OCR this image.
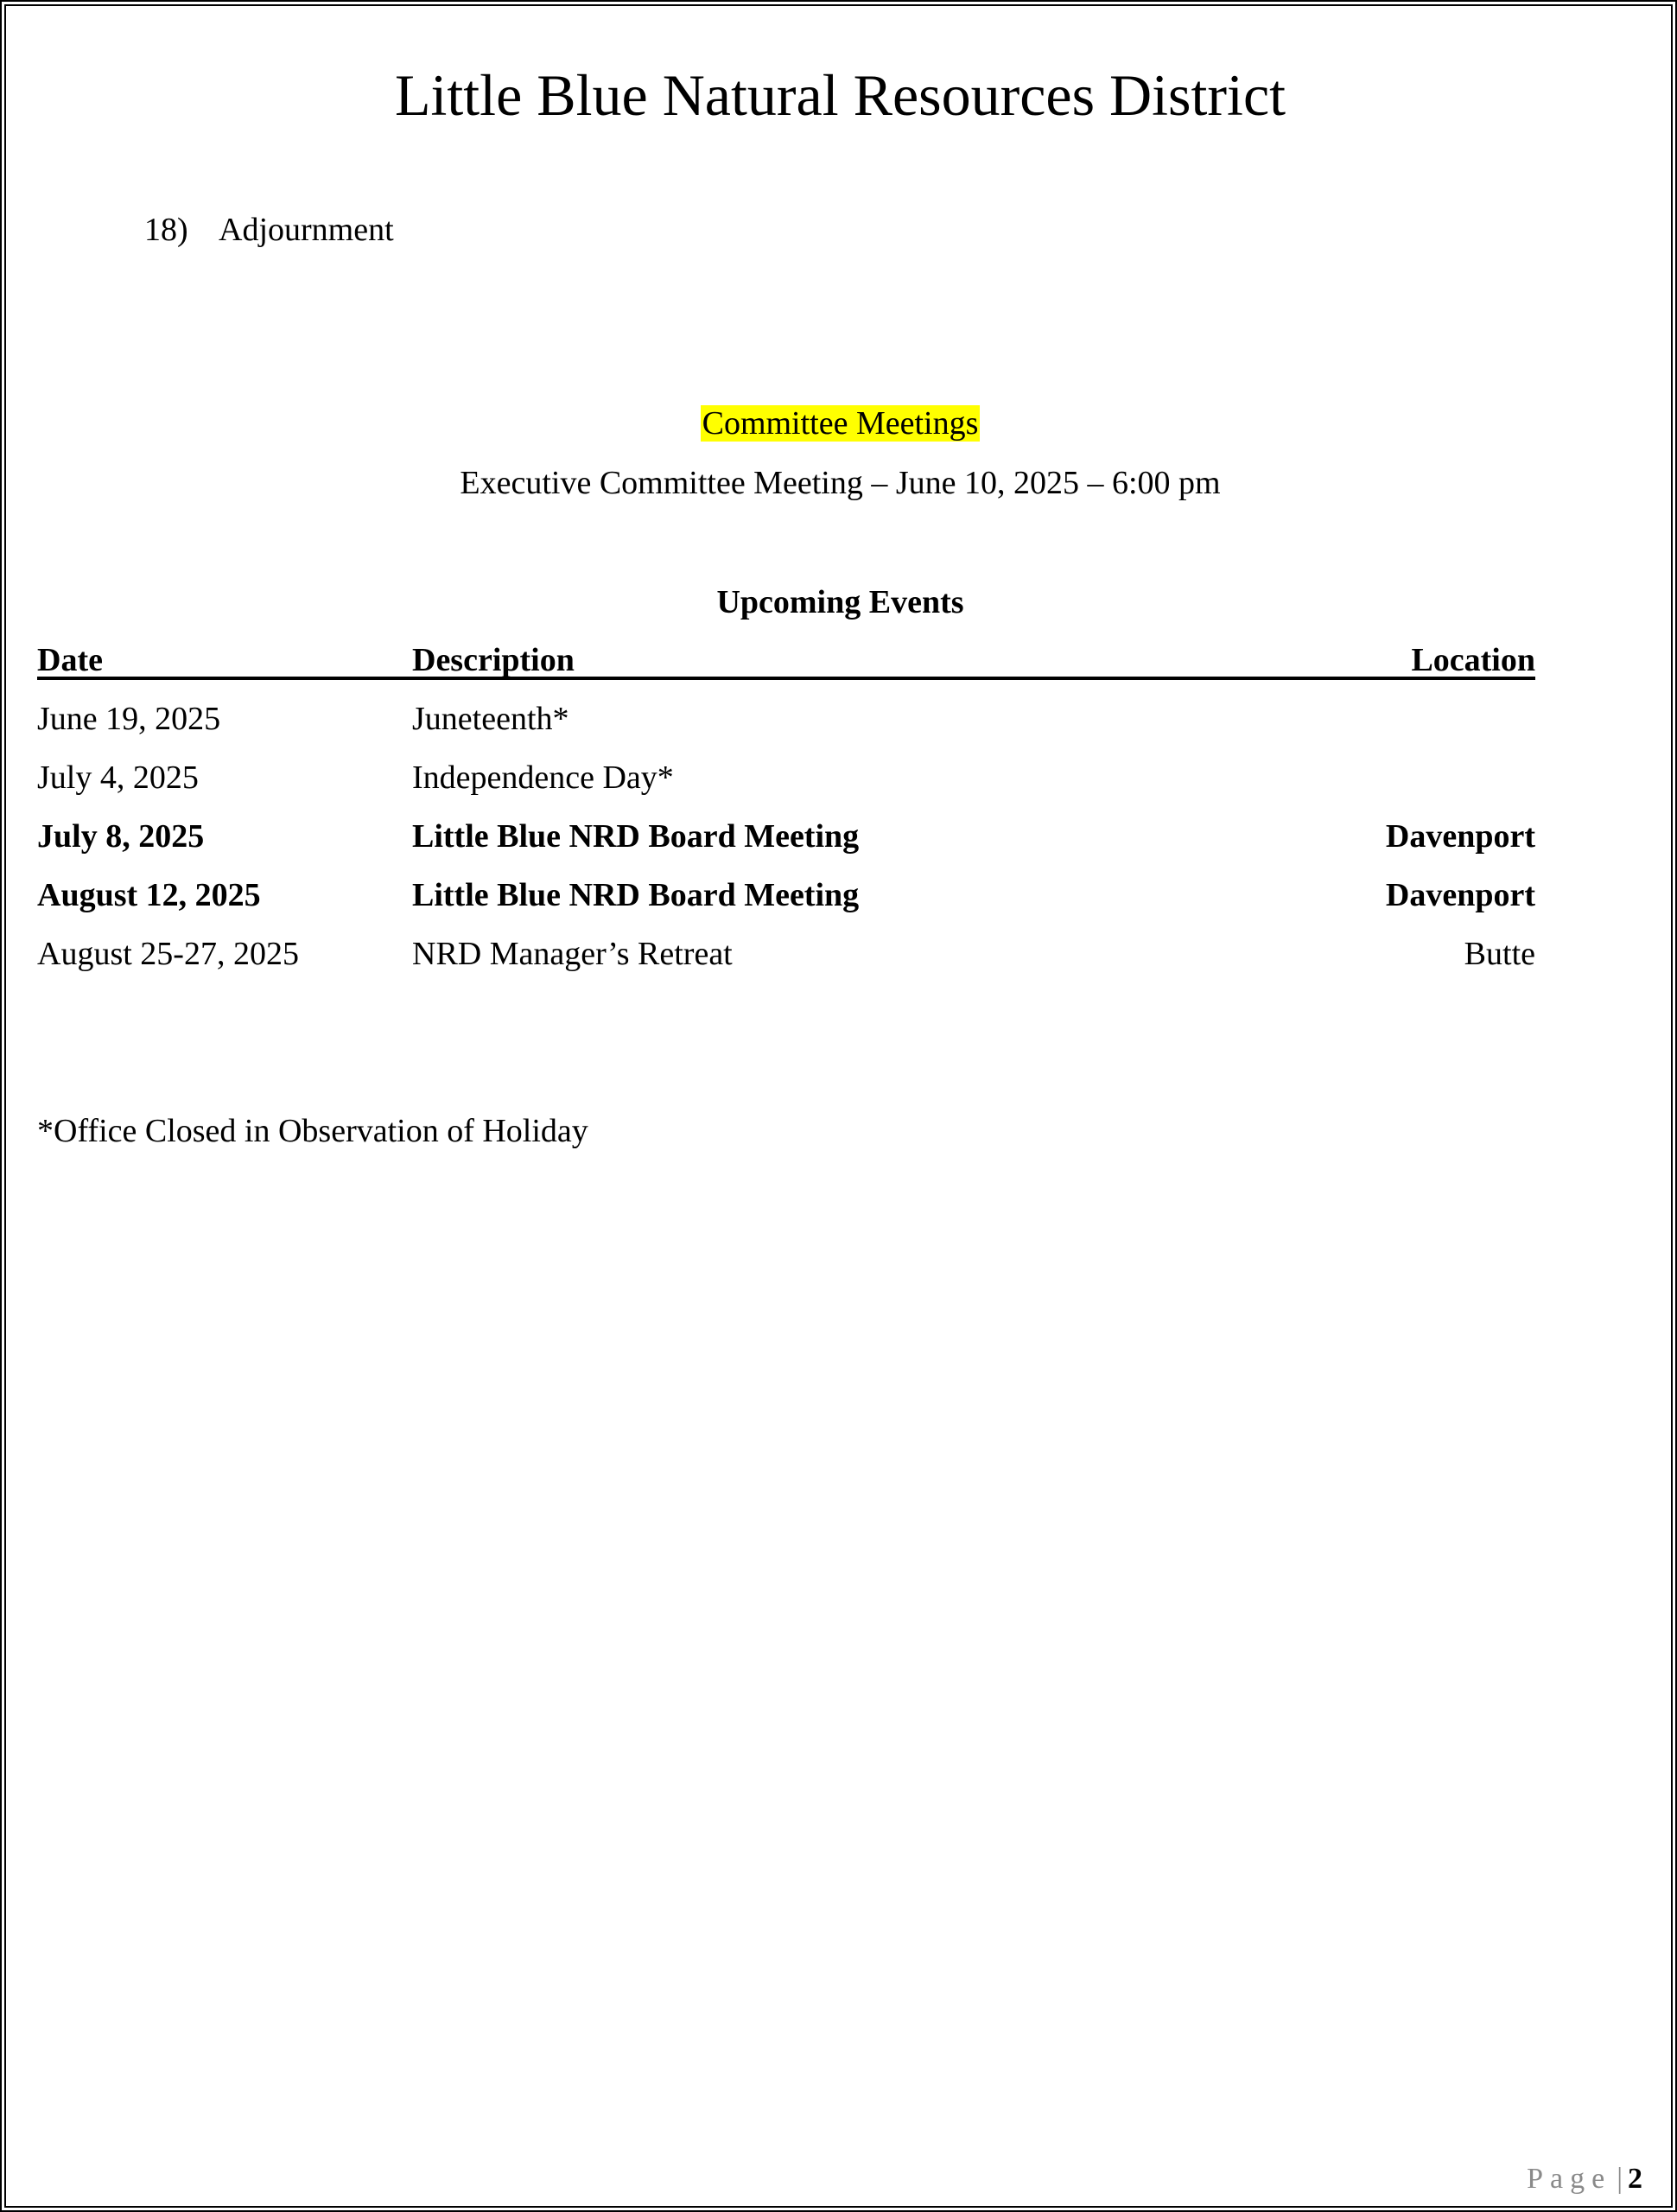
Little Blue Natural Resources District
18) Adjournment
Committee Meetings
Executive Committee Meeting – June 10, 2025 – 6:00 pm
Upcoming Events
Date	Description	Location
June 19, 2025	Juneteenth*
July 4, 2025	Independence Day*
July 8, 2025	Little Blue NRD Board Meeting	Davenport
August 12, 2025	Little Blue NRD Board Meeting	Davenport
August 25-27, 2025	NRD Manager’s Retreat	Butte
*Office Closed in Observation of Holiday
Page | 2
